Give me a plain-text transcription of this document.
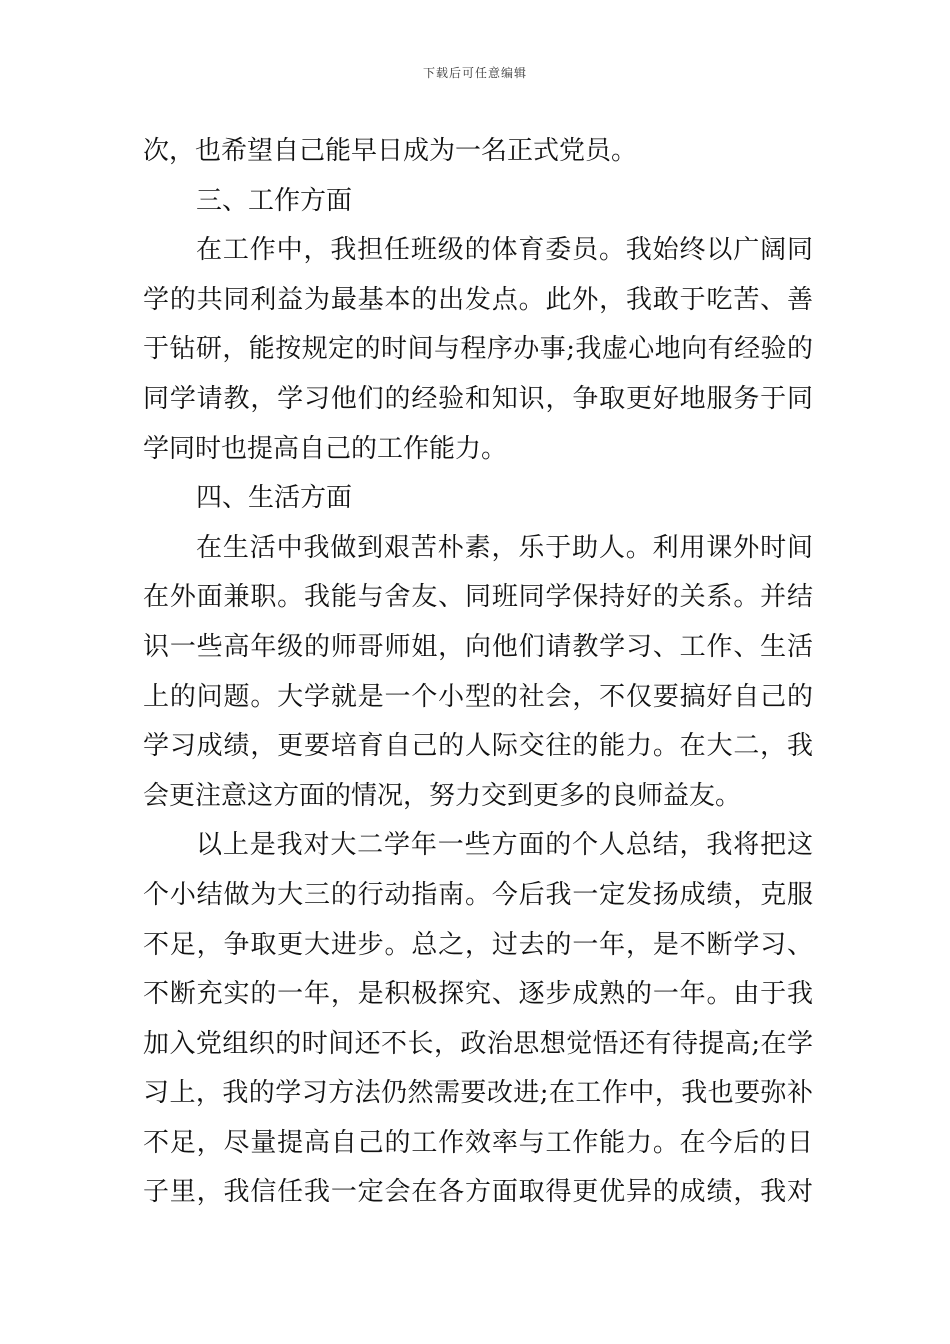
下载后可任意编辑
次，也希望自己能早日成为一名正式党员。
三、工作方面
在工作中，我担任班级的体育委员。我始终以广阔同
学的共同利益为最基本的出发点。此外，我敢于吃苦、善
于钻研，能按规定的时间与程序办事;我虚心地向有经验的
同学请教，学习他们的经验和知识，争取更好地服务于同
学同时也提高自己的工作能力。
四、生活方面
在生活中我做到艰苦朴素，乐于助人。利用课外时间
在外面兼职。我能与舍友、同班同学保持好的关系。并结
识一些高年级的师哥师姐，向他们请教学习、工作、生活
上的问题。大学就是一个小型的社会，不仅要搞好自己的
学习成绩，更要培育自己的人际交往的能力。在大二，我
会更注意这方面的情况，努力交到更多的良师益友。
以上是我对大二学年一些方面的个人总结，我将把这
个小结做为大三的行动指南。今后我一定发扬成绩，克服
不足，争取更大进步。总之，过去的一年，是不断学习、
不断充实的一年，是积极探究、逐步成熟的一年。由于我
加入党组织的时间还不长，政治思想觉悟还有待提高;在学
习上，我的学习方法仍然需要改进;在工作中，我也要弥补
不足，尽量提高自己的工作效率与工作能力。在今后的日
子里，我信任我一定会在各方面取得更优异的成绩，我对
